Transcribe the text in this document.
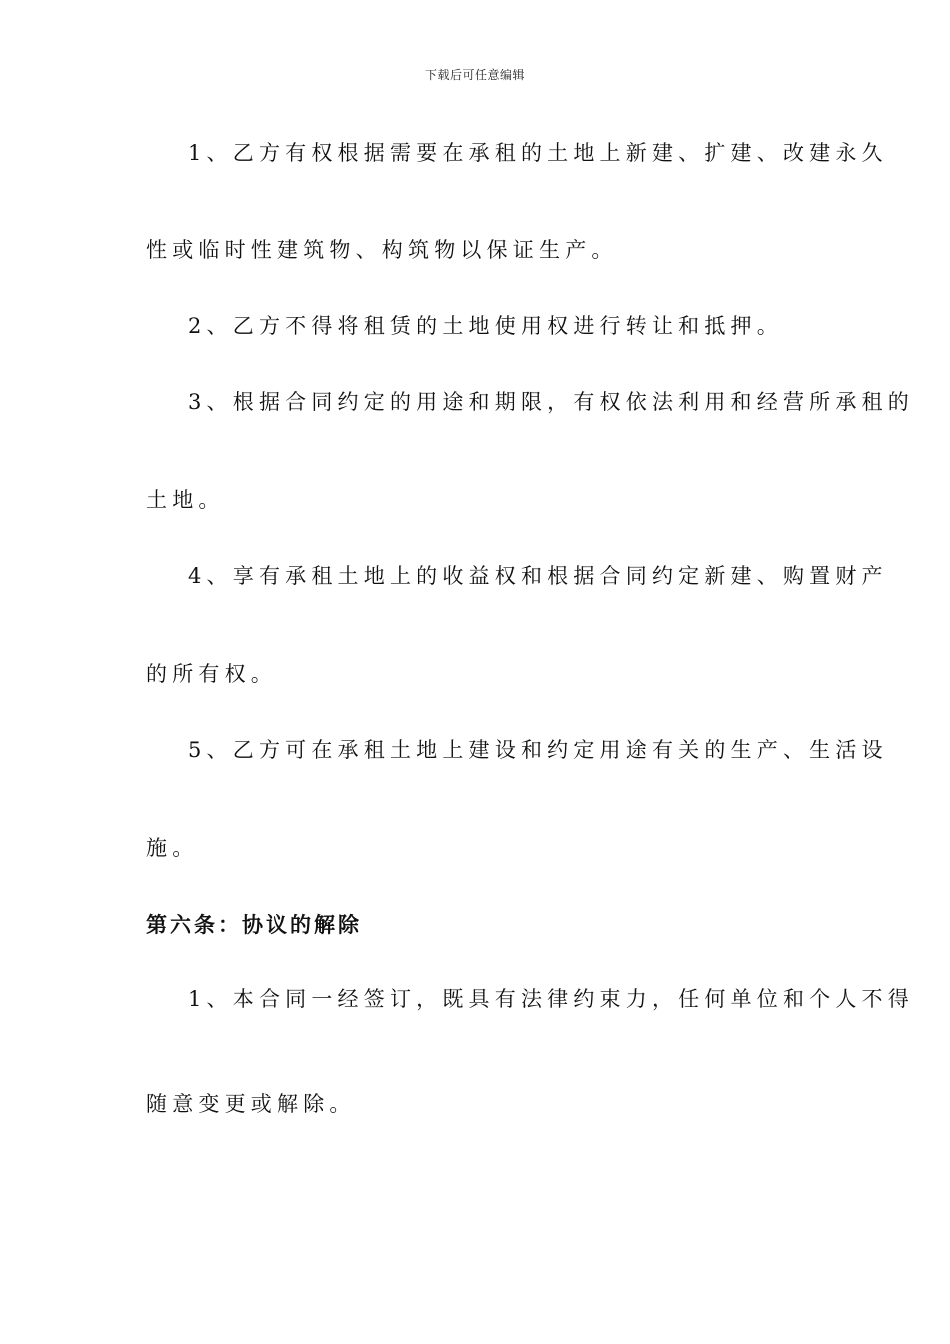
下载后可任意编辑
1、乙方有权根据需要在承租的土地上新建、扩建、改建永久
性或临时性建筑物、构筑物以保证生产。
2、乙方不得将租赁的土地使用权进行转让和抵押。
3、根据合同约定的用途和期限，有权依法利用和经营所承租的
土地。
4、享有承租土地上的收益权和根据合同约定新建、购置财产
的所有权。
5、乙方可在承租土地上建设和约定用途有关的生产、生活设
施。
第六条：协议的解除
1、本合同一经签订，既具有法律约束力，任何单位和个人不得
随意变更或解除。
